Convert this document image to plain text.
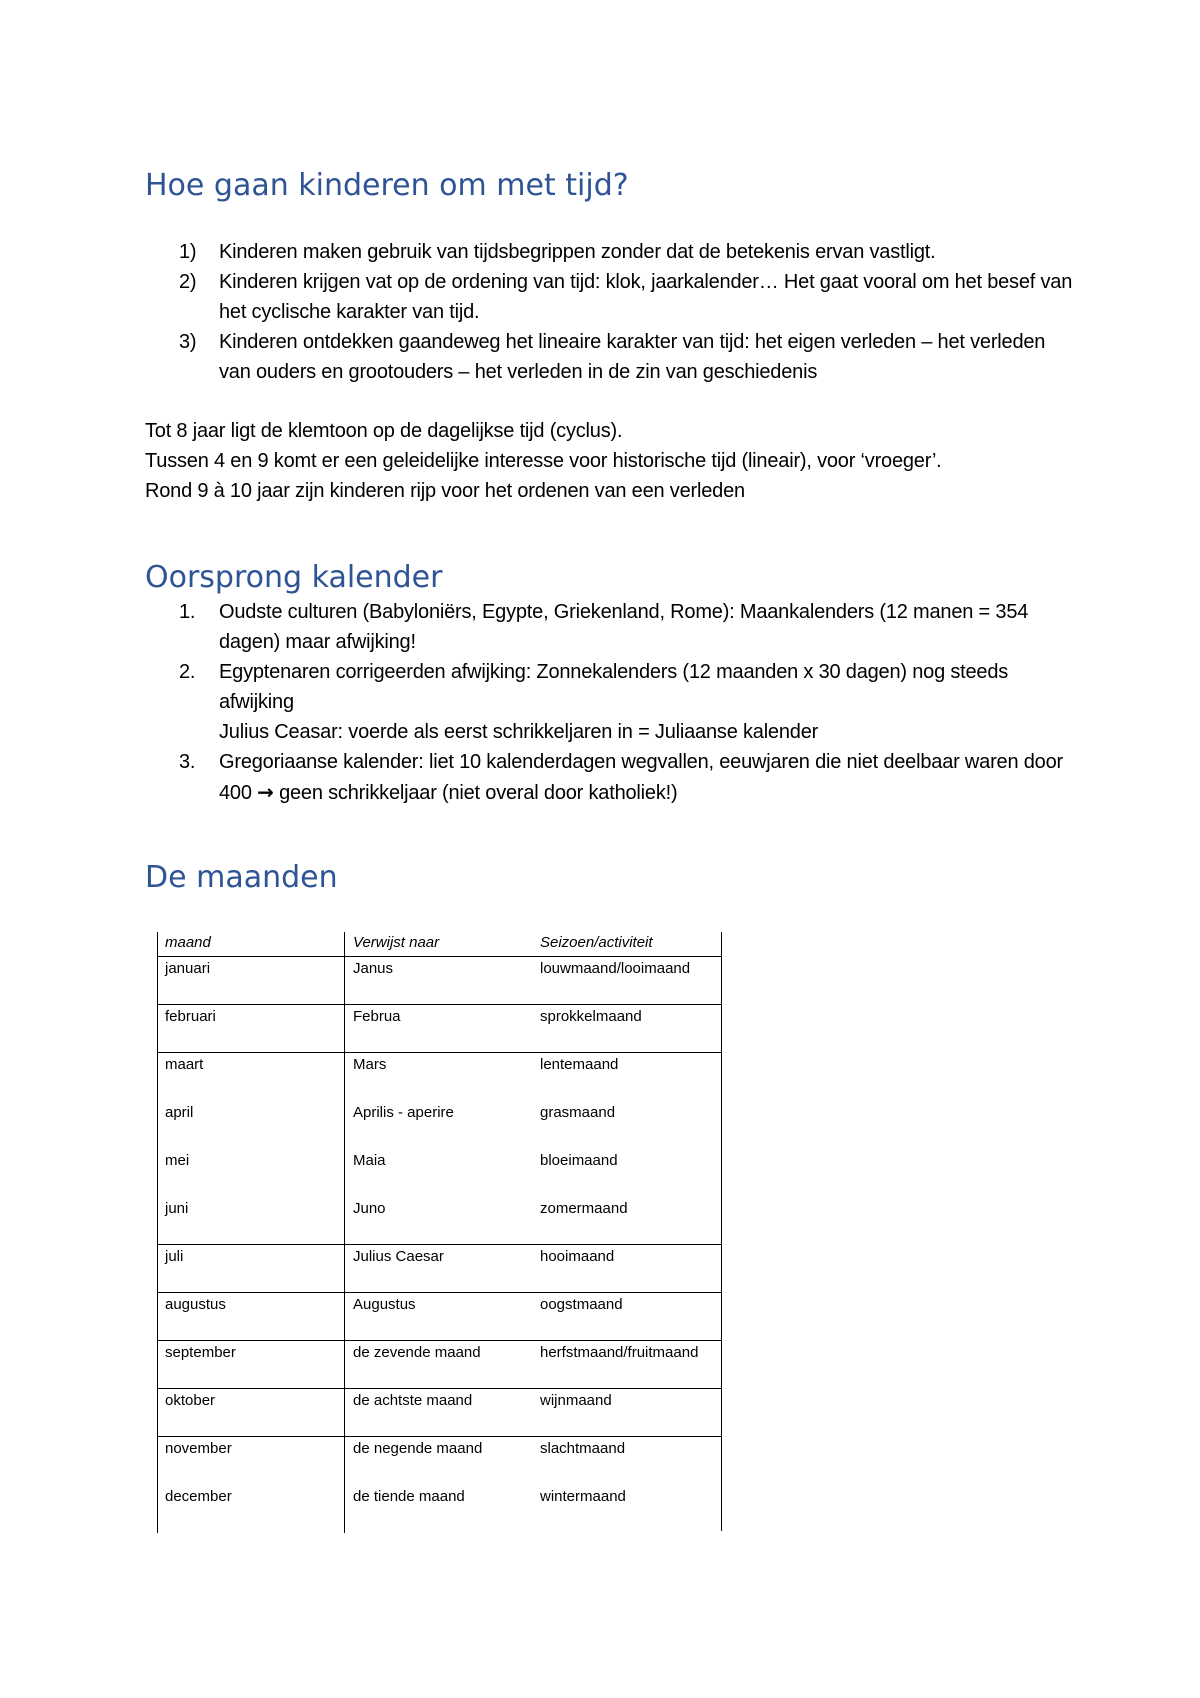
Hoe gaan kinderen om met tijd?
1) Kinderen maken gebruik van tijdsbegrippen zonder dat de betekenis ervan vastligt.
2) Kinderen krijgen vat op de ordening van tijd: klok, jaarkalender… Het gaat vooral om het besef van het cyclische karakter van tijd.
3) Kinderen ontdekken gaandeweg het lineaire karakter van tijd: het eigen verleden – het verleden van ouders en grootouders – het verleden in de zin van geschiedenis

Tot 8 jaar ligt de klemtoon op de dagelijkse tijd (cyclus).

Tussen 4 en 9 komt er een geleidelijke interesse voor historische tijd (lineair), voor ‘vroeger’.

Rond 9 à 10 jaar zijn kinderen rijp voor het ordenen van een verleden

Oorsprong kalender
1. Oudste culturen (Babyloniërs, Egypte, Griekenland, Rome): Maankalenders (12 manen = 354 dagen) maar afwijking!
2. Egyptenaren corrigeerden afwijking: Zonnekalenders (12 maanden x 30 dagen) nog steeds afwijking
Julius Ceasar: voerde als eerst schrikkeljaren in = Juliaanse kalender
3. Gregoriaanse kalender: liet 10 kalenderdagen wegvallen, eeuwjaren die niet deelbaar waren door 400 → geen schrikkeljaar (niet overal door katholiek!)
De maanden
maand	Verwijst naar	Seizoen/activiteit
januari	Janus	louwmaand/looimaand
februari	Februa	sprokkelmaand
maart	Mars	lentemaand
april	Aprilis - aperire	grasmaand
mei	Maia	bloeimaand
juni	Juno	zomermaand
juli	Julius Caesar	hooimaand
augustus	Augustus	oogstmaand
september	de zevende maand	herfstmaand/fruitmaand
oktober	de achtste maand	wijnmaand
november	de negende maand	slachtmaand
december	de tiende maand	wintermaand
